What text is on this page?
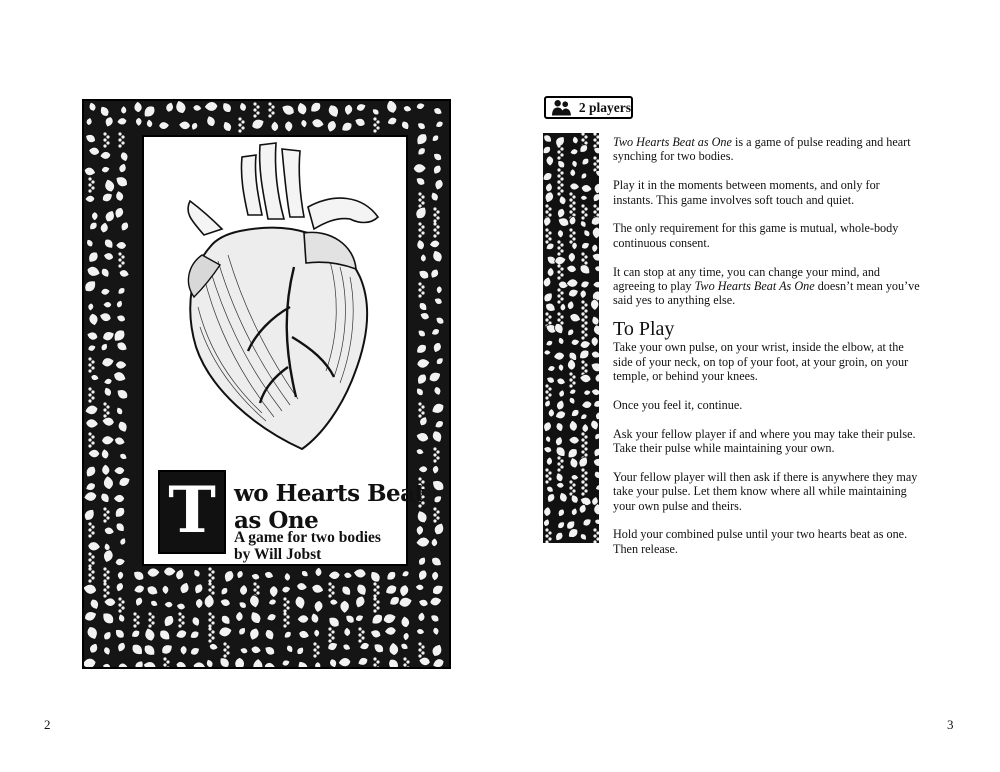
T wo Hearts Beat
as One
A game for two bodies
by Will Jobst
2
2 players

Two Hearts Beat as One is a game of pulse reading and heart synching for two bodies.

Play it in the moments between moments, and only for instants. This game involves soft touch and quiet.

The only requirement for this game is mutual, whole-body continuous consent.

It can stop at any time, you can change your mind, and agreeing to play Two Hearts Beat As One doesn’t mean you’ve said yes to anything else.

To Play

Take your own pulse, on your wrist, inside the elbow, at the side of your neck, on top of your foot, at your groin, on your temple, or behind your knees.

Once you feel it, continue.

Ask your fellow player if and where you may take their pulse. Take their pulse while maintaining your own.

Your fellow player will then ask if there is anywhere they may take your pulse. Let them know where all while maintaining your own pulse and theirs.

Hold your combined pulse until your two hearts beat as one. Then release.

3
